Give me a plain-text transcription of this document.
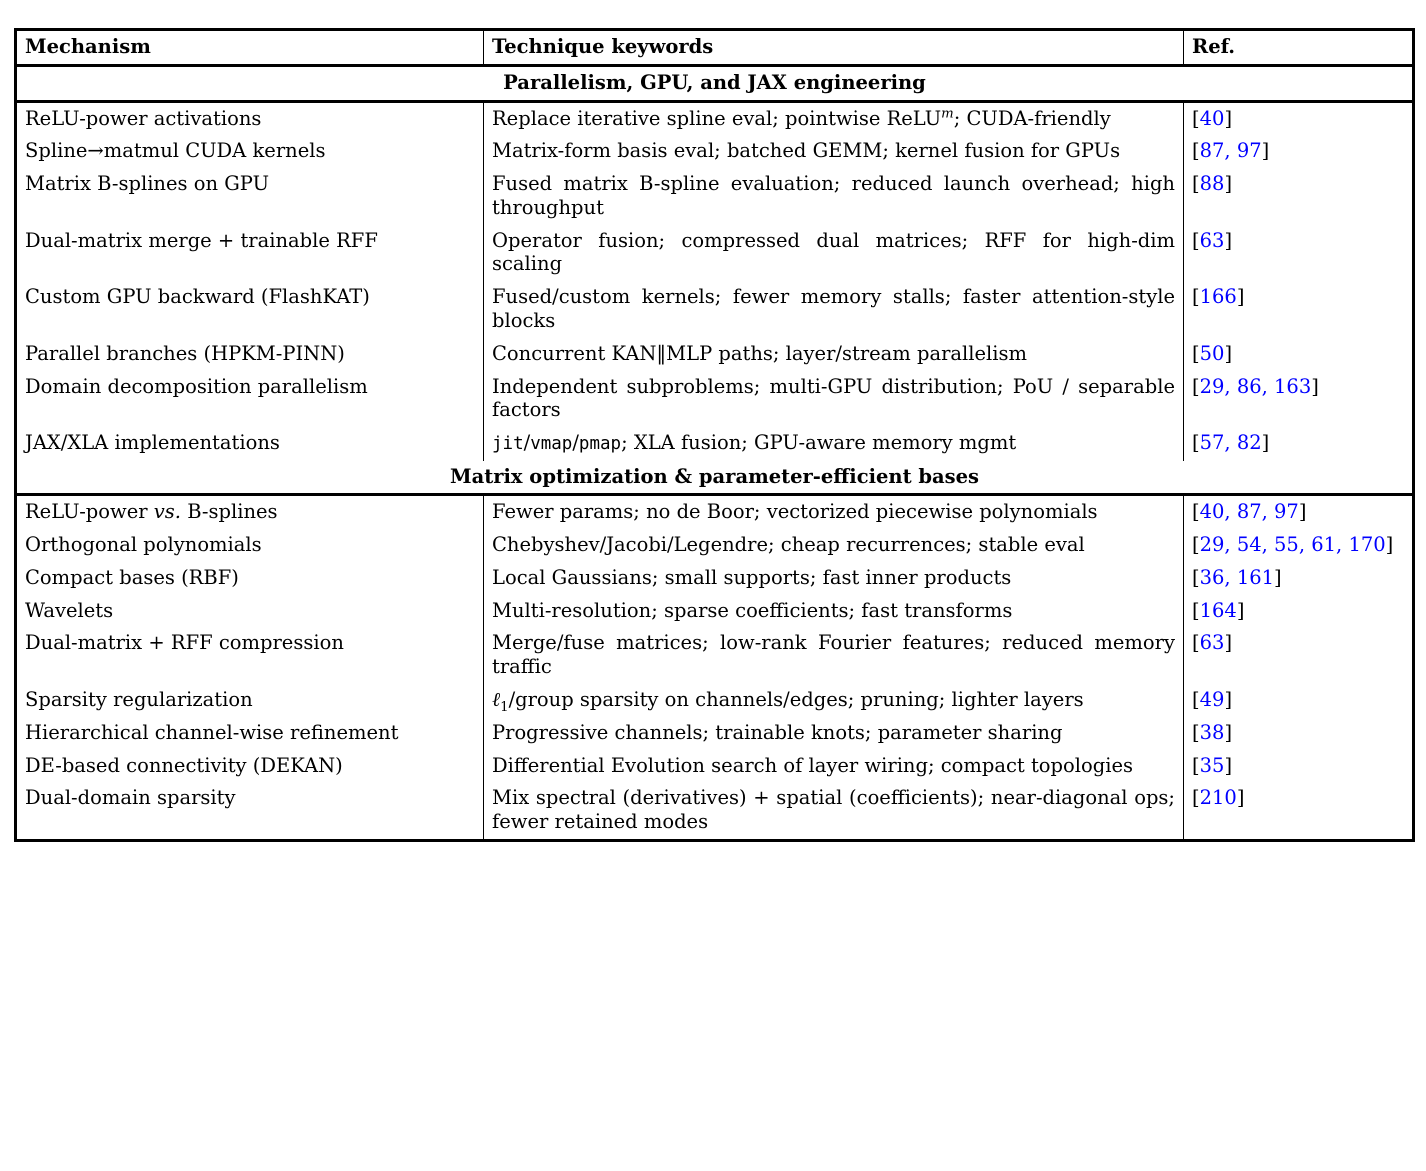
Mechanism	Technique keywords	Ref.
Parallelism, GPU, and JAX engineering		
ReLU-power activations	Replace iterative spline eval; pointwise ReLU$^m$; CUDA-friendly	[40]
Spline→matmul CUDA kernels	Matrix-form basis eval; batched GEMM; kernel fusion for GPUs	[87, 97]
Matrix B-splines on GPU	Fused matrix B-spline evaluation; reduced launch overhead; high throughput	[88]
Dual-matrix merge + trainable RFF	Operator fusion; compressed dual matrices; RFF for high-dim scaling	[63]
Custom GPU backward (FlashKAT)	Fused/custom kernels; fewer memory stalls; faster attention-style blocks	[166]
Parallel branches (HPKM-PINN)	Concurrent KAN‖MLP paths; layer/stream parallelism	[50]
Domain decomposition parallelism	Independent subproblems; multi-GPU distribution; PoU / separable factors	[29, 86, 163]
JAX/XLA implementations	jit/vmap/pmap; XLA fusion; GPU-aware memory mgmt	[57, 82]
Matrix optimization & parameter-efficient bases		
ReLU-power vs. B-splines	Fewer params; no de Boor; vectorized piecewise polynomials	[40, 87, 97]
Orthogonal polynomials	Chebyshev/Jacobi/Legendre; cheap recurrences; stable eval	[29, 54, 55, 61, 170]
Compact bases (RBF)	Local Gaussians; small supports; fast inner products	[36, 161]
Wavelets	Multi-resolution; sparse coefficients; fast transforms	[164]
Dual-matrix + RFF compression	Merge/fuse matrices; low-rank Fourier features; reduced memory traffic	[63]
Sparsity regularization	ℓ$_1$/group sparsity on channels/edges; pruning; lighter layers	[49]
Hierarchical channel-wise refinement	Progressive channels; trainable knots; parameter sharing	[38]
DE-based connectivity (DEKAN)	Differential Evolution search of layer wiring; compact topologies	[35]
Dual-domain sparsity	Mix spectral (derivatives) + spatial (coefficients); near-diagonal ops; fewer retained modes	[210]
